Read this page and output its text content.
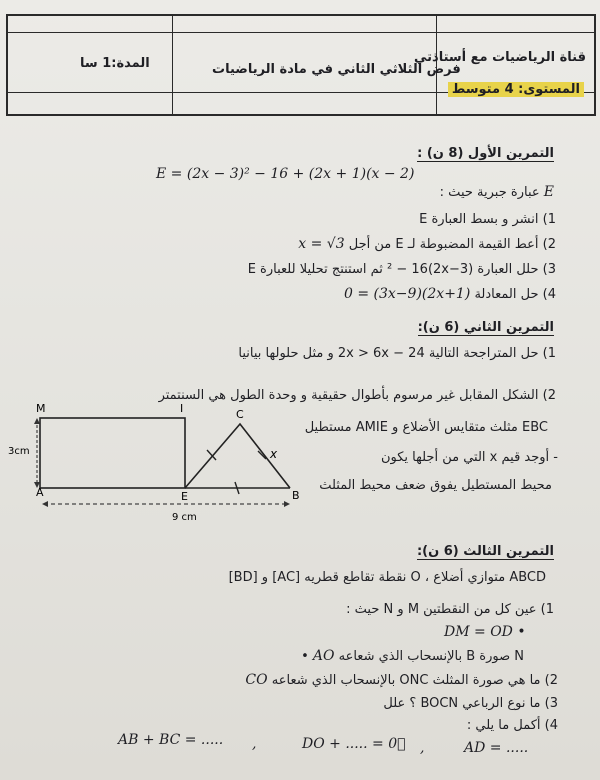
قناة الرياضيات مع أستاذتي
المستوى: 4 متوسط
فرض الثلاثي الثاني في مادة الرياضيات
المدة:1 سا
التمرين الأول (8 ن) :
E = (2x − 3)² − 16 + (2x + 1)(x − 2)
E عبارة جبرية حيث :
1) انشر و بسط العبارة E
2) أعط القيمة المضبوطة لـ E من أجل x = √3
3) حلل العبارة (2x−3)² − 16 ثم استنتج تحليلا للعبارة E
4) حل المعادلة (2x+1)(3x−9) = 0
التمرين الثاني (6 ن):
1) حل المتراجحة التالية 24 − 2x > 6x و مثل حلولها بيانيا
2) الشكل المقابل غير مرسوم بأطوال حقيقية و وحدة الطول هي السنتمتر
EBC مثلث متقايس الأضلاع و AMIE مستطيل
- أوجد قيم x التي من أجلها يكون
محيط المستطيل يفوق ضعف محيط المثلث
M	I	C
A	E	B
x
3cm
9 cm
التمرين الثالث (6 ن):
ABCD متوازي أضلاع ، O نقطة تقاطع قطريه [AC] و [BD]
1) عين كل من النقطتين M و N حيث :
DM = OD •
N صورة B بالإنسحاب الذي شعاعه AO •
2) ما هي صورة المثلث ONC بالإنسحاب الذي شعاعه CO
3) ما نوع الرباعي BOCN ؟ علل
4) أكمل ما يلي :
AB + BC = ..... ,	DO + ..... = 0⃗ ,	AD = .....
